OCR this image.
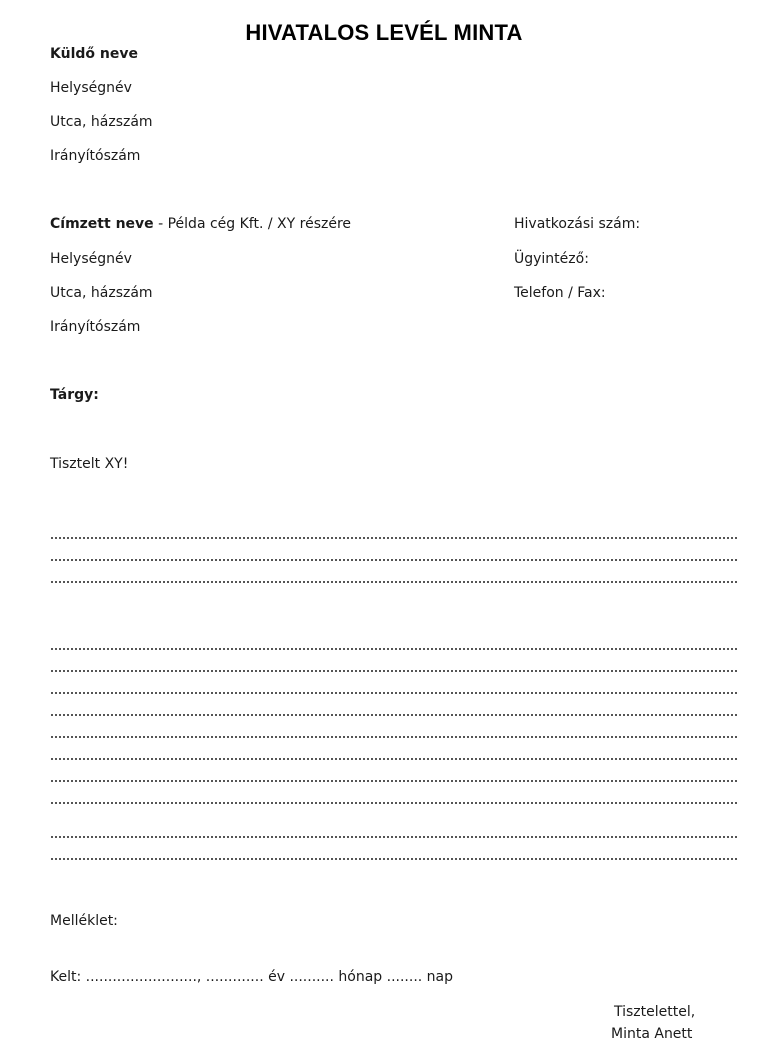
HIVATALOS LEVÉL MINTA
Küldő neve
Helységnév
Utca, házszám
Irányítószám
Címzett neve - Példa cég Kft. / XY részére
Helységnév
Utca, házszám
Irányítószám
Hivatkozási szám:
Ügyintéző:
Telefon / Fax:
Tárgy:
Tisztelt XY!
Melléklet:
Kelt: ........................., ............. év .......... hónap ........ nap
Tisztelettel,
Minta Anett
